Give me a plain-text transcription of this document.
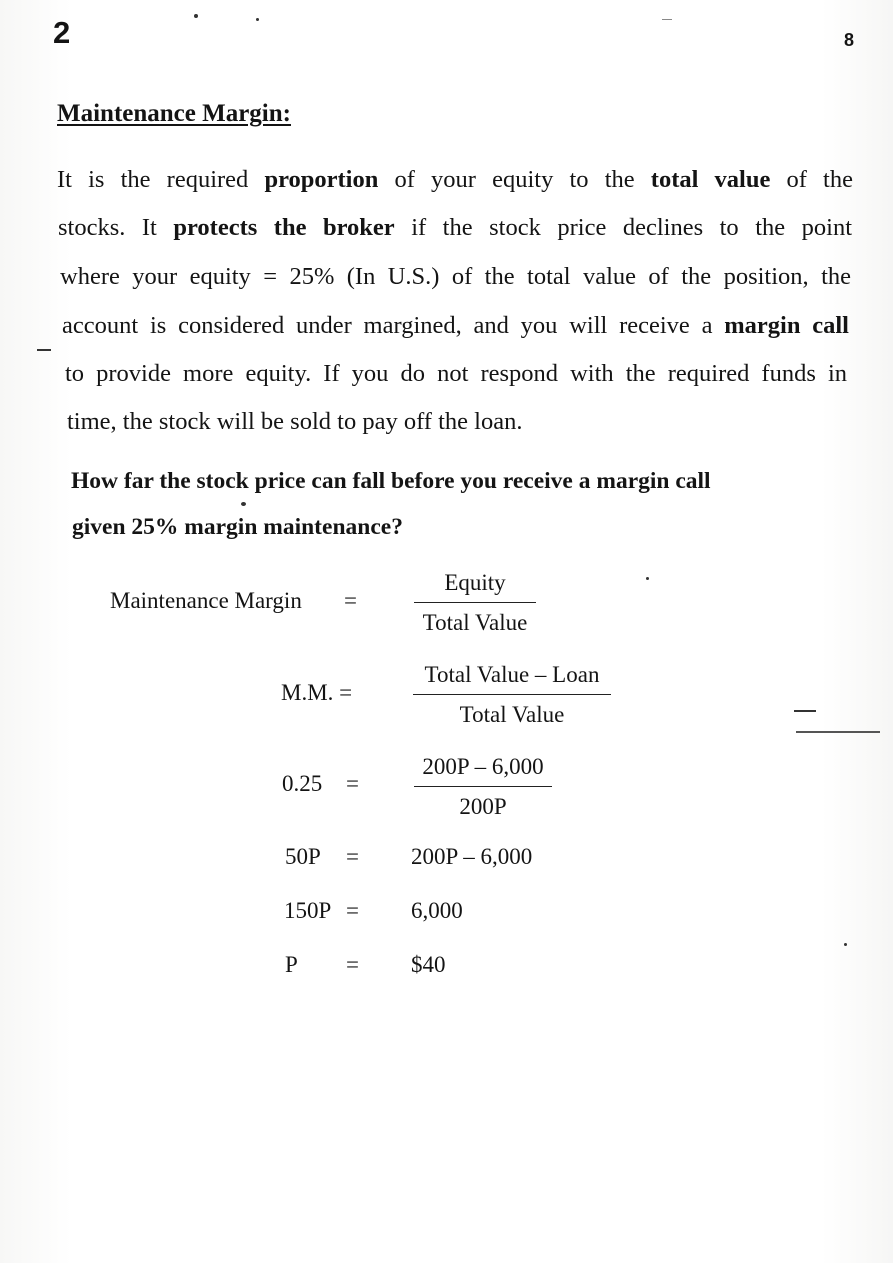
2	8
Maintenance Margin:
It is the required proportion of your equity to the total value of the
stocks. It protects the broker if the stock price declines to the point
where your equity = 25% (In U.S.) of the total value of the position, the
account is considered under margined, and you will receive a margin call
to provide more equity. If you do not respond with the required funds in
time, the stock will be sold to pay off the loan.
How far the stock price can fall before you receive a margin call
given 25% margin maintenance?
Maintenance Margin =
Equity
Total Value
M.M. =
Total Value – Loan
Total Value
$0.25 = \frac{200P - 6,000}{200P}$
50P = 200P – 6,000
150P = 6,000
P = $40
